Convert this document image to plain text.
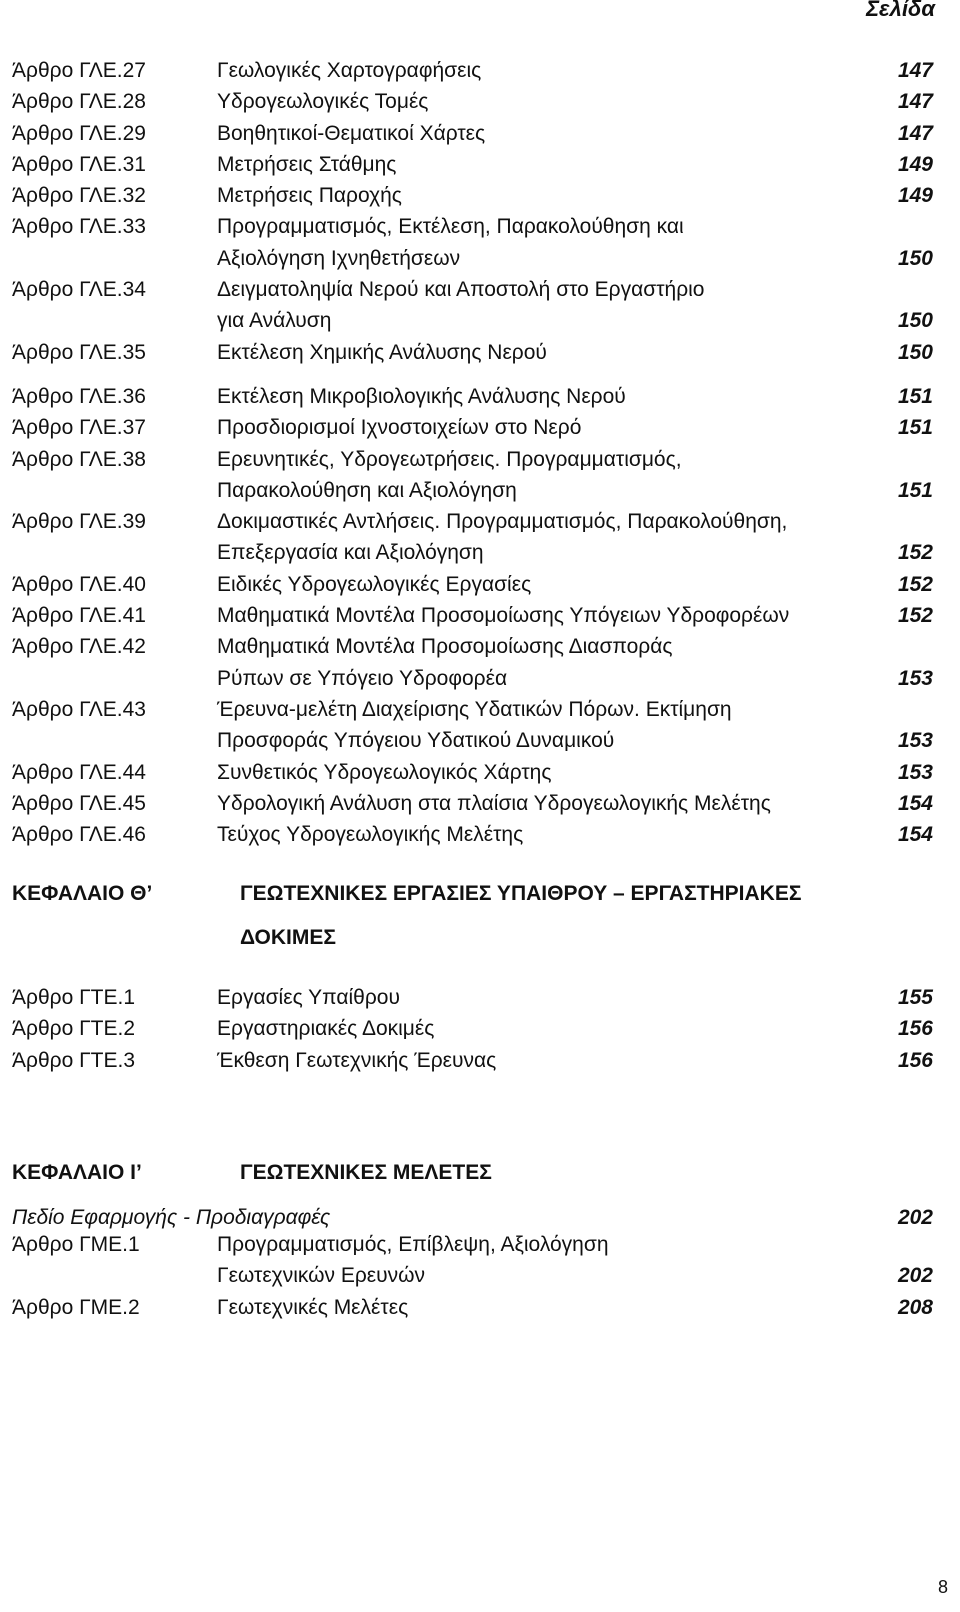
Σελίδα
Άρθρο ΓΛΕ.27	Γεωλογικές Χαρτογραφήσεις	147
Άρθρο ΓΛΕ.28	Υδρογεωλογικές Τομές	147
Άρθρο ΓΛΕ.29	Βοηθητικοί-Θεματικοί Χάρτες	147
Άρθρο ΓΛΕ.31	Μετρήσεις Στάθμης	149
Άρθρο ΓΛΕ.32	Μετρήσεις Παροχής	149
Άρθρο ΓΛΕ.33	Προγραμματισμός, Εκτέλεση, Παρακολούθηση και
Αξιολόγηση Ιχνηθετήσεων	150
Άρθρο ΓΛΕ.34	Δειγματοληψία Νερού και Αποστολή στο Εργαστήριο
για Ανάλυση	150
Άρθρο ΓΛΕ.35	Εκτέλεση Χημικής Ανάλυσης Νερού	150
Άρθρο ΓΛΕ.36	Εκτέλεση Μικροβιολογικής Ανάλυσης Νερού	151
Άρθρο ΓΛΕ.37	Προσδιορισμοί Ιχνοστοιχείων στο Νερό	151
Άρθρο ΓΛΕ.38	Ερευνητικές, Υδρογεωτρήσεις. Προγραμματισμός,
Παρακολούθηση και Αξιολόγηση	151
Άρθρο ΓΛΕ.39	Δοκιμαστικές Αντλήσεις. Προγραμματισμός, Παρακολούθηση,
Επεξεργασία και Αξιολόγηση	152
Άρθρο ΓΛΕ.40	Ειδικές Υδρογεωλογικές Εργασίες	152
Άρθρο ΓΛΕ.41	Μαθηματικά Μοντέλα Προσομοίωσης Υπόγειων Υδροφορέων	152
Άρθρο ΓΛΕ.42	Μαθηματικά Μοντέλα Προσομοίωσης Διασποράς
Ρύπων σε Υπόγειο Υδροφορέα	153
Άρθρο ΓΛΕ.43	Έρευνα-μελέτη Διαχείρισης Υδατικών Πόρων. Εκτίμηση
Προσφοράς Υπόγειου Υδατικού Δυναμικού	153
Άρθρο ΓΛΕ.44	Συνθετικός Υδρογεωλογικός Χάρτης	153
Άρθρο ΓΛΕ.45	Υδρολογική Ανάλυση στα πλαίσια Υδρογεωλογικής Μελέτης	154
Άρθρο ΓΛΕ.46	Τεύχος Υδρογεωλογικής Μελέτης	154
ΚΕΦΑΛΑΙΟ Θ’	ΓΕΩΤΕΧΝΙΚΕΣ ΕΡΓΑΣΙΕΣ ΥΠΑΙΘΡΟΥ – ΕΡΓΑΣΤΗΡΙΑΚΕΣ
ΔΟΚΙΜΕΣ
Άρθρο ΓΤΕ.1	Εργασίες Υπαίθρου	155
Άρθρο ΓΤΕ.2	Εργαστηριακές Δοκιμές	156
Άρθρο ΓΤΕ.3	Έκθεση Γεωτεχνικής Έρευνας	156
ΚΕΦΑΛΑΙΟ Ι’	ΓΕΩΤΕΧΝΙΚΕΣ ΜΕΛΕΤΕΣ
Πεδίο Εφαρμογής - Προδιαγραφές	202
Άρθρο ΓΜΕ.1	Προγραμματισμός, Επίβλεψη, Αξιολόγηση
Γεωτεχνικών Ερευνών	202
Άρθρο ΓΜΕ.2	Γεωτεχνικές Μελέτες	208
8
